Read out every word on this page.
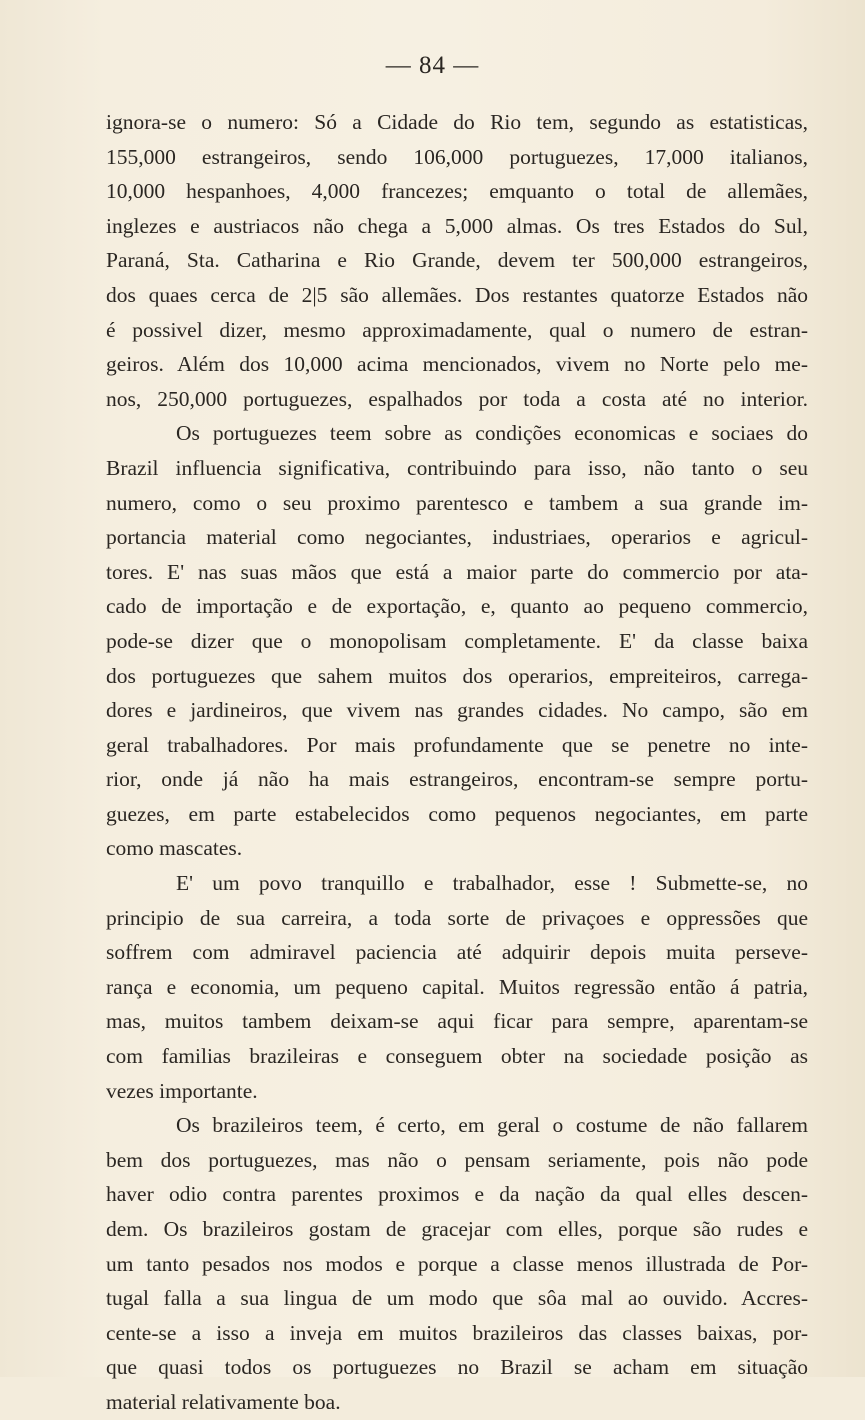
— 84 —
ignora-se o numero: Só a Cidade do Rio tem, segundo as estatisticas,
155,000 estrangeiros, sendo 106,000 portuguezes, 17,000 italianos,
10,000 hespanhoes, 4,000 francezes; emquanto o total de allemães,
inglezes e austriacos não chega a 5,000 almas. Os tres Estados do Sul,
Paraná, Sta. Catharina e Rio Grande, devem ter 500,000 estrangeiros,
dos quaes cerca de 2|5 são allemães. Dos restantes quatorze Estados não
é possivel dizer, mesmo approximadamente, qual o numero de estran-
geiros. Além dos 10,000 acima mencionados, vivem no Norte pelo me-
nos, 250,000 portuguezes, espalhados por toda a costa até no interior.
Os portuguezes teem sobre as condições economicas e sociaes do
Brazil influencia significativa, contribuindo para isso, não tanto o seu
numero, como o seu proximo parentesco e tambem a sua grande im-
portancia material como negociantes, industriaes, operarios e agricul-
tores. E' nas suas mãos que está a maior parte do commercio por ata-
cado de importação e de exportação, e, quanto ao pequeno commercio,
pode-se dizer que o monopolisam completamente. E' da classe baixa
dos portuguezes que sahem muitos dos operarios, empreiteiros, carrega-
dores e jardineiros, que vivem nas grandes cidades. No campo, são em
geral trabalhadores. Por mais profundamente que se penetre no inte-
rior, onde já não ha mais estrangeiros, encontram-se sempre portu-
guezes, em parte estabelecidos como pequenos negociantes, em parte
como mascates.
E' um povo tranquillo e trabalhador, esse ! Submette-se, no
principio de sua carreira, a toda sorte de privaçoes e oppressões que
soffrem com admiravel paciencia até adquirir depois muita perseve-
rança e economia, um pequeno capital. Muitos regressão então á patria,
mas, muitos tambem deixam-se aqui ficar para sempre, aparentam-se
com familias brazileiras e conseguem obter na sociedade posição as
vezes importante.
Os brazileiros teem, é certo, em geral o costume de não fallarem
bem dos portuguezes, mas não o pensam seriamente, pois não pode
haver odio contra parentes proximos e da nação da qual elles descen-
dem. Os brazileiros gostam de gracejar com elles, porque são rudes e
um tanto pesados nos modos e porque a classe menos illustrada de Por-
tugal falla a sua lingua de um modo que sôa mal ao ouvido. Accres-
cente-se a isso a inveja em muitos brazileiros das classes baixas, por-
que quasi todos os portuguezes no Brazil se acham em situação
material relativamente boa.
